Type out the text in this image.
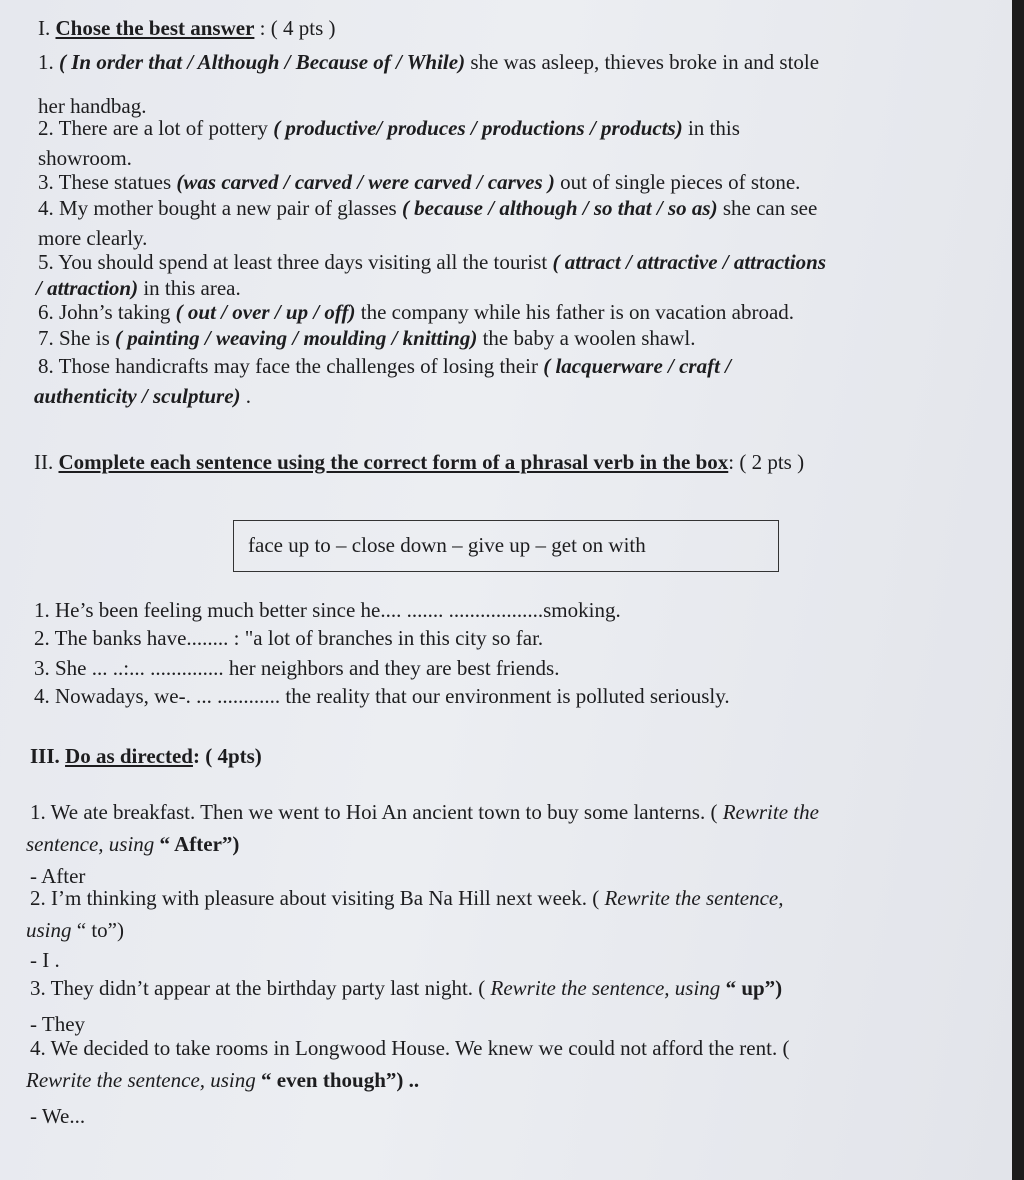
I. Chose the best answer : ( 4 pts )
1. ( In order that / Although / Because of / While) she was asleep, thieves broke in and stole
her handbag.
2. There are a lot of pottery ( productive/ produces / productions / products) in this
showroom.
3. These statues (was carved / carved / were carved / carves ) out of single pieces of stone.
4. My mother bought a new pair of glasses ( because / although / so that / so as) she can see
more clearly.
5. You should spend at least three days visiting all the tourist ( attract / attractive / attractions
/ attraction) in this area.
6. John’s taking ( out / over / up / off) the company while his father is on vacation abroad.
7. She is ( painting / weaving / moulding / knitting) the baby a woolen shawl.
8. Those handicrafts may face the challenges of losing their ( lacquerware / craft /
authenticity / sculpture) .
II. Complete each sentence using the correct form of a phrasal verb in the box: ( 2 pts )
face up to – close down – give up – get on with
1. He’s been feeling much better since he.... ....... ..................smoking.
2. The banks have........ : "a lot of branches in this city so far.
3. She ... ..:... .............. her neighbors and they are best friends.
4. Nowadays, we-. ... ............ the reality that our environment is polluted seriously.
III. Do as directed: ( 4pts)
1. We ate breakfast. Then we went to Hoi An ancient town to buy some lanterns. ( Rewrite the
sentence, using “ After”)
- After
2. I’m thinking with pleasure about visiting Ba Na Hill next week. ( Rewrite the sentence,
using “ to”)
- I .
3. They didn’t appear at the birthday party last night. ( Rewrite the sentence, using “ up”)
- They
4. We decided to take rooms in Longwood House. We knew we could not afford the rent. (
Rewrite the sentence, using “ even though”) ..
- We...
